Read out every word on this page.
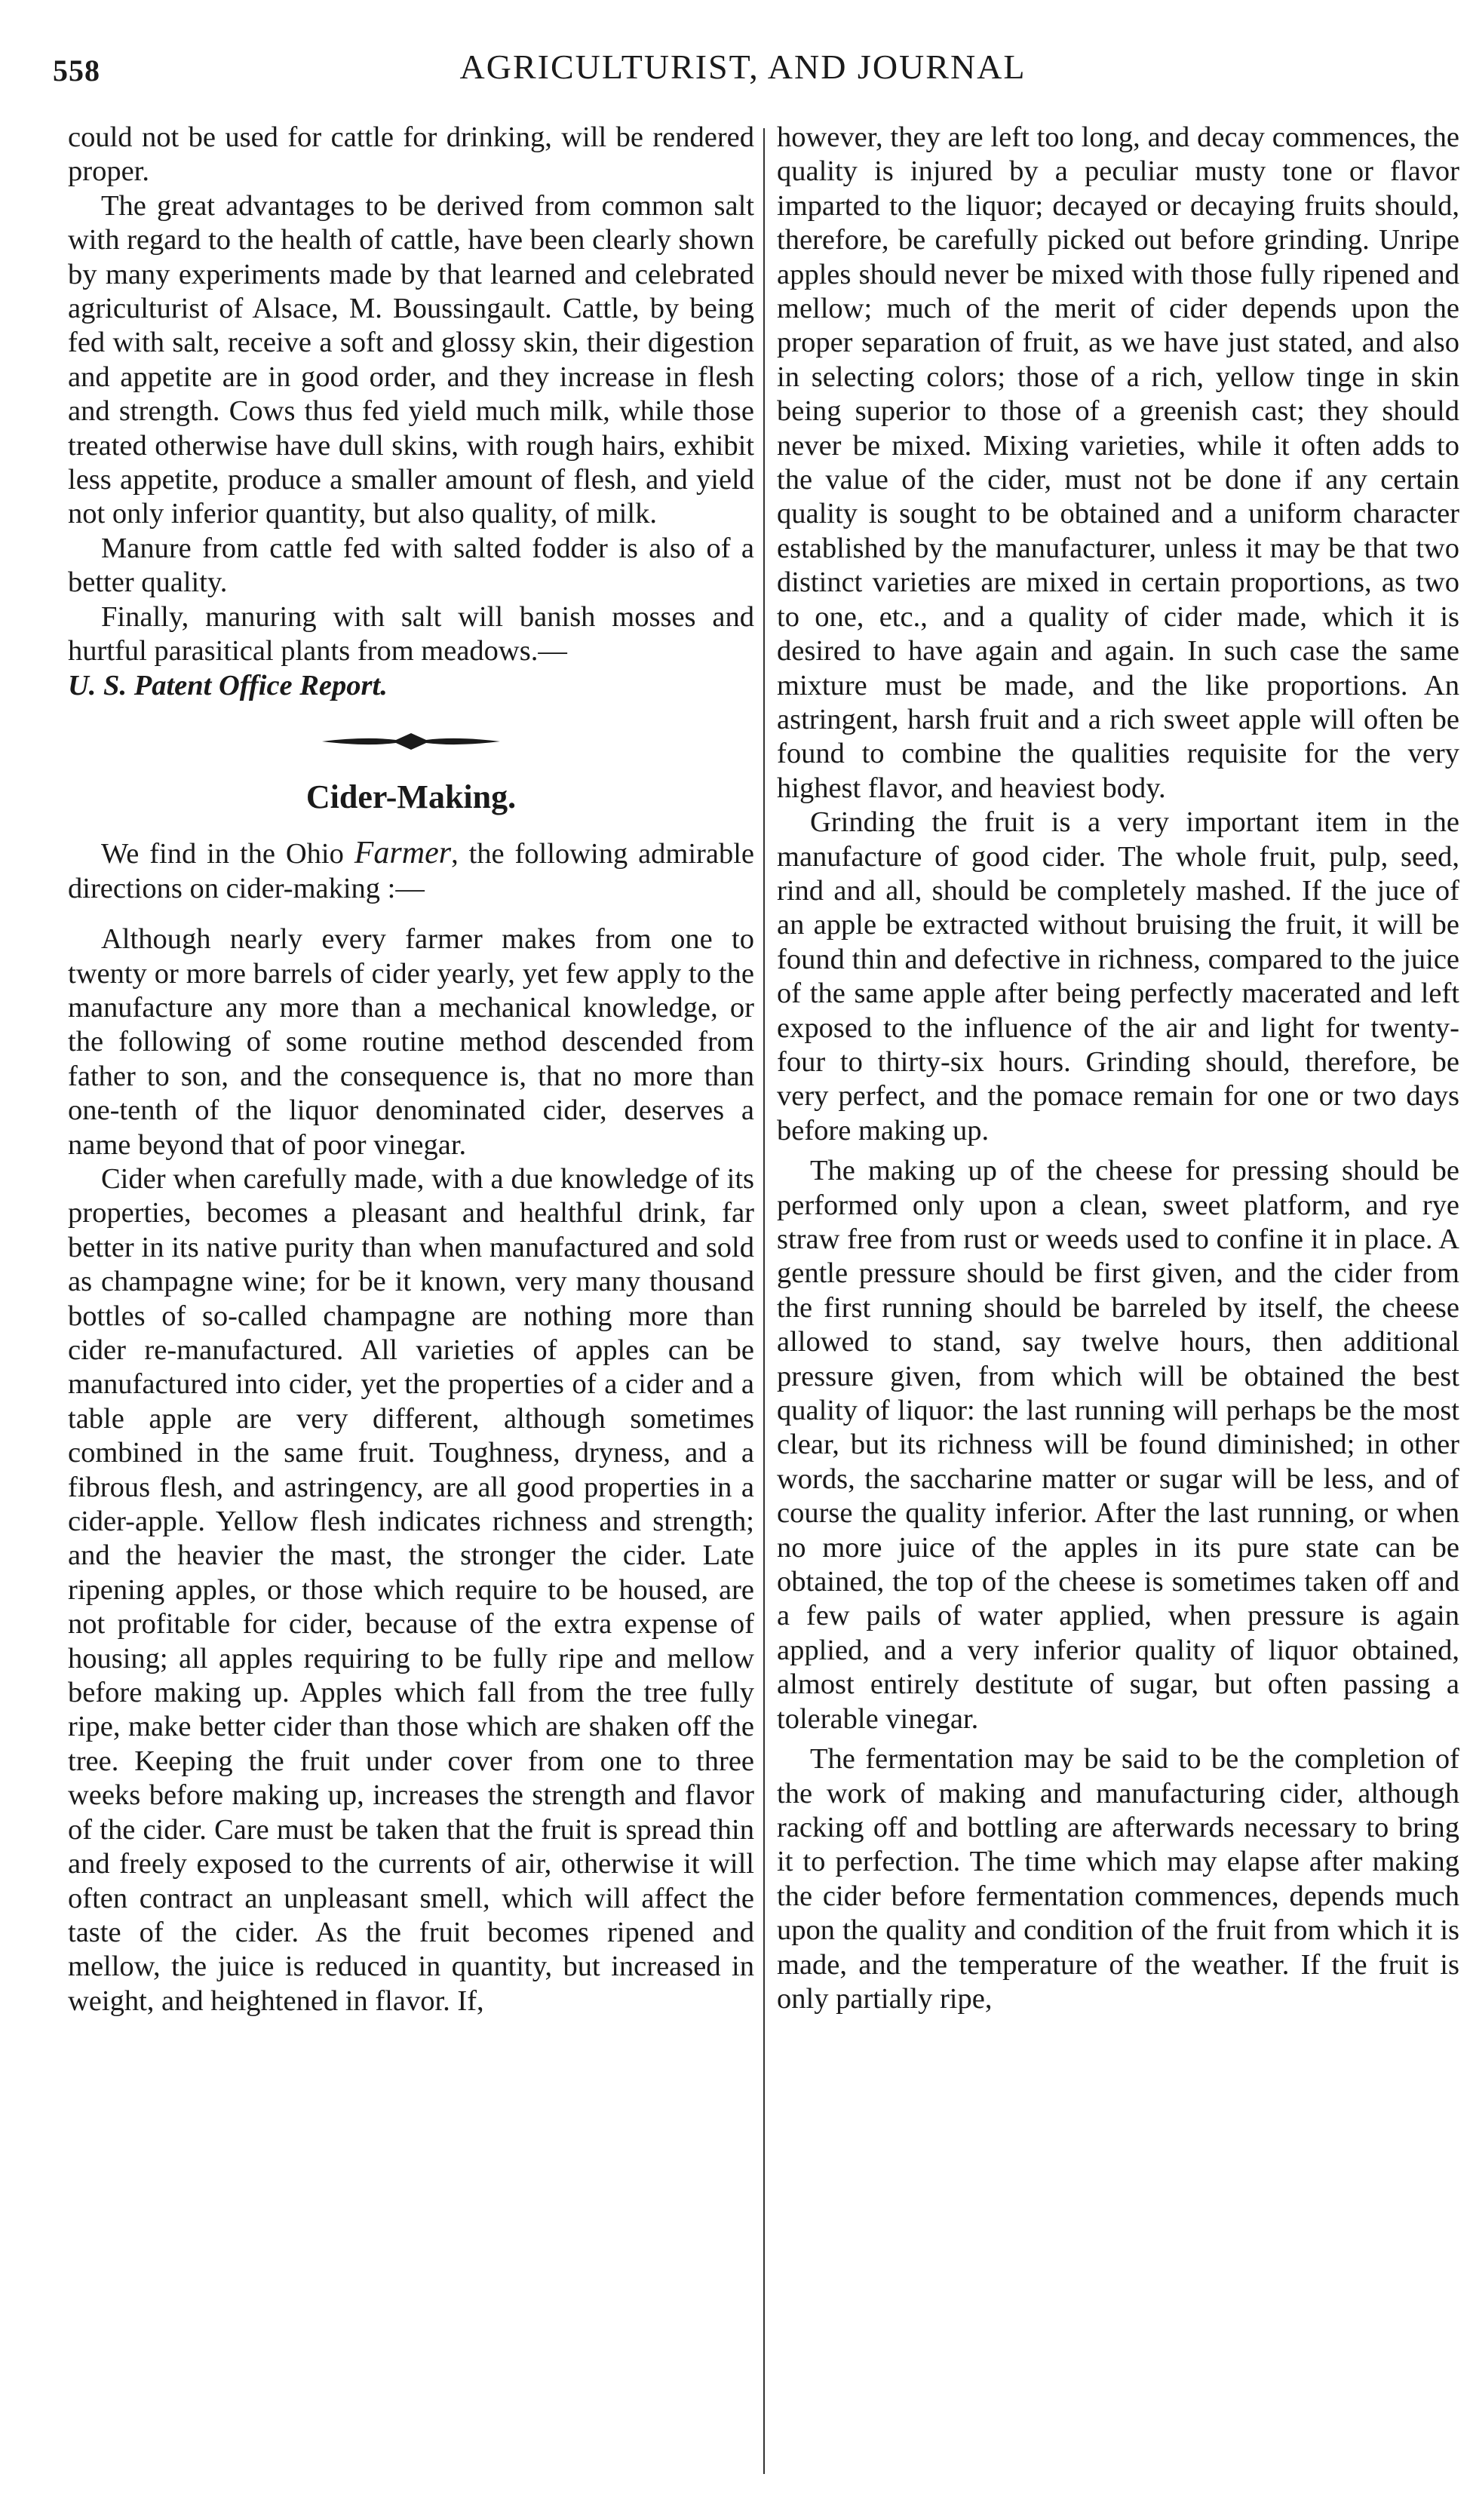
558	AGRICULTURIST, AND JOURNAL

could not be used for cattle for drinking, will be rendered proper.

The great advantages to be derived from common salt with regard to the health of cattle, have been clearly shown by many experiments made by that learned and celebrated agriculturist of Alsace, M. Boussingault. Cattle, by being fed with salt, receive a soft and glossy skin, their digestion and appetite are in good order, and they increase in flesh and strength. Cows thus fed yield much milk, while those treated otherwise have dull skins, with rough hairs, exhibit less appetite, produce a smaller amount of flesh, and yield not only inferior quantity, but also quality, of milk.

Manure from cattle fed with salted fodder is also of a better quality.

Finally, manuring with salt will banish mosses and hurtful parasitical plants from meadows.—

U. S. Patent Office Report.

Cider-Making.

We find in the Ohio Farmer, the following admirable directions on cider-making :—

Although nearly every farmer makes from one to twenty or more barrels of cider yearly, yet few apply to the manufacture any more than a mechanical knowledge, or the following of some routine method descended from father to son, and the consequence is, that no more than one-tenth of the liquor denominated cider, deserves a name beyond that of poor vinegar.

Cider when carefully made, with a due knowledge of its properties, becomes a pleasant and healthful drink, far better in its native purity than when manufactured and sold as champagne wine; for be it known, very many thousand bottles of so-called champagne are nothing more than cider re-manufactured. All varieties of apples can be manufactured into cider, yet the properties of a cider and a table apple are very different, although sometimes combined in the same fruit. Toughness, dryness, and a fibrous flesh, and astringency, are all good properties in a cider-apple. Yellow flesh indicates richness and strength; and the heavier the mast, the stronger the cider. Late ripening apples, or those which require to be housed, are not profitable for cider, because of the extra expense of housing; all apples requiring to be fully ripe and mellow before making up. Apples which fall from the tree fully ripe, make better cider than those which are shaken off the tree. Keeping the fruit under cover from one to three weeks before making up, increases the strength and flavor of the cider. Care must be taken that the fruit is spread thin and freely exposed to the currents of air, otherwise it will often contract an unpleasant smell, which will affect the taste of the cider. As the fruit becomes ripened and mellow, the juice is reduced in quantity, but increased in weight, and heightened in flavor. If,

however, they are left too long, and decay commences, the quality is injured by a peculiar musty tone or flavor imparted to the liquor; decayed or decaying fruits should, therefore, be carefully picked out before grinding. Unripe apples should never be mixed with those fully ripened and mellow; much of the merit of cider depends upon the proper separation of fruit, as we have just stated, and also in selecting colors; those of a rich, yellow tinge in skin being superior to those of a greenish cast; they should never be mixed. Mixing varieties, while it often adds to the value of the cider, must not be done if any certain quality is sought to be obtained and a uniform character established by the manufacturer, unless it may be that two distinct varieties are mixed in certain proportions, as two to one, etc., and a quality of cider made, which it is desired to have again and again. In such case the same mixture must be made, and the like proportions. An astringent, harsh fruit and a rich sweet apple will often be found to combine the qualities requisite for the very highest flavor, and heaviest body.

Grinding the fruit is a very important item in the manufacture of good cider. The whole fruit, pulp, seed, rind and all, should be completely mashed. If the juce of an apple be extracted without bruising the fruit, it will be found thin and defective in richness, compared to the juice of the same apple after being perfectly macerated and left exposed to the influence of the air and light for twenty-four to thirty-six hours. Grinding should, therefore, be very perfect, and the pomace remain for one or two days before making up.

The making up of the cheese for pressing should be performed only upon a clean, sweet platform, and rye straw free from rust or weeds used to confine it in place. A gentle pressure should be first given, and the cider from the first running should be barreled by itself, the cheese allowed to stand, say twelve hours, then additional pressure given, from which will be obtained the best quality of liquor: the last running will perhaps be the most clear, but its richness will be found diminished; in other words, the saccharine matter or sugar will be less, and of course the quality inferior. After the last running, or when no more juice of the apples in its pure state can be obtained, the top of the cheese is sometimes taken off and a few pails of water applied, when pressure is again applied, and a very inferior quality of liquor obtained, almost entirely destitute of sugar, but often passing a tolerable vinegar.

The fermentation may be said to be the completion of the work of making and manufacturing cider, although racking off and bottling are afterwards necessary to bring it to perfection. The time which may elapse after making the cider before fermentation commences, depends much upon the quality and condition of the fruit from which it is made, and the temperature of the weather. If the fruit is only partially ripe,
